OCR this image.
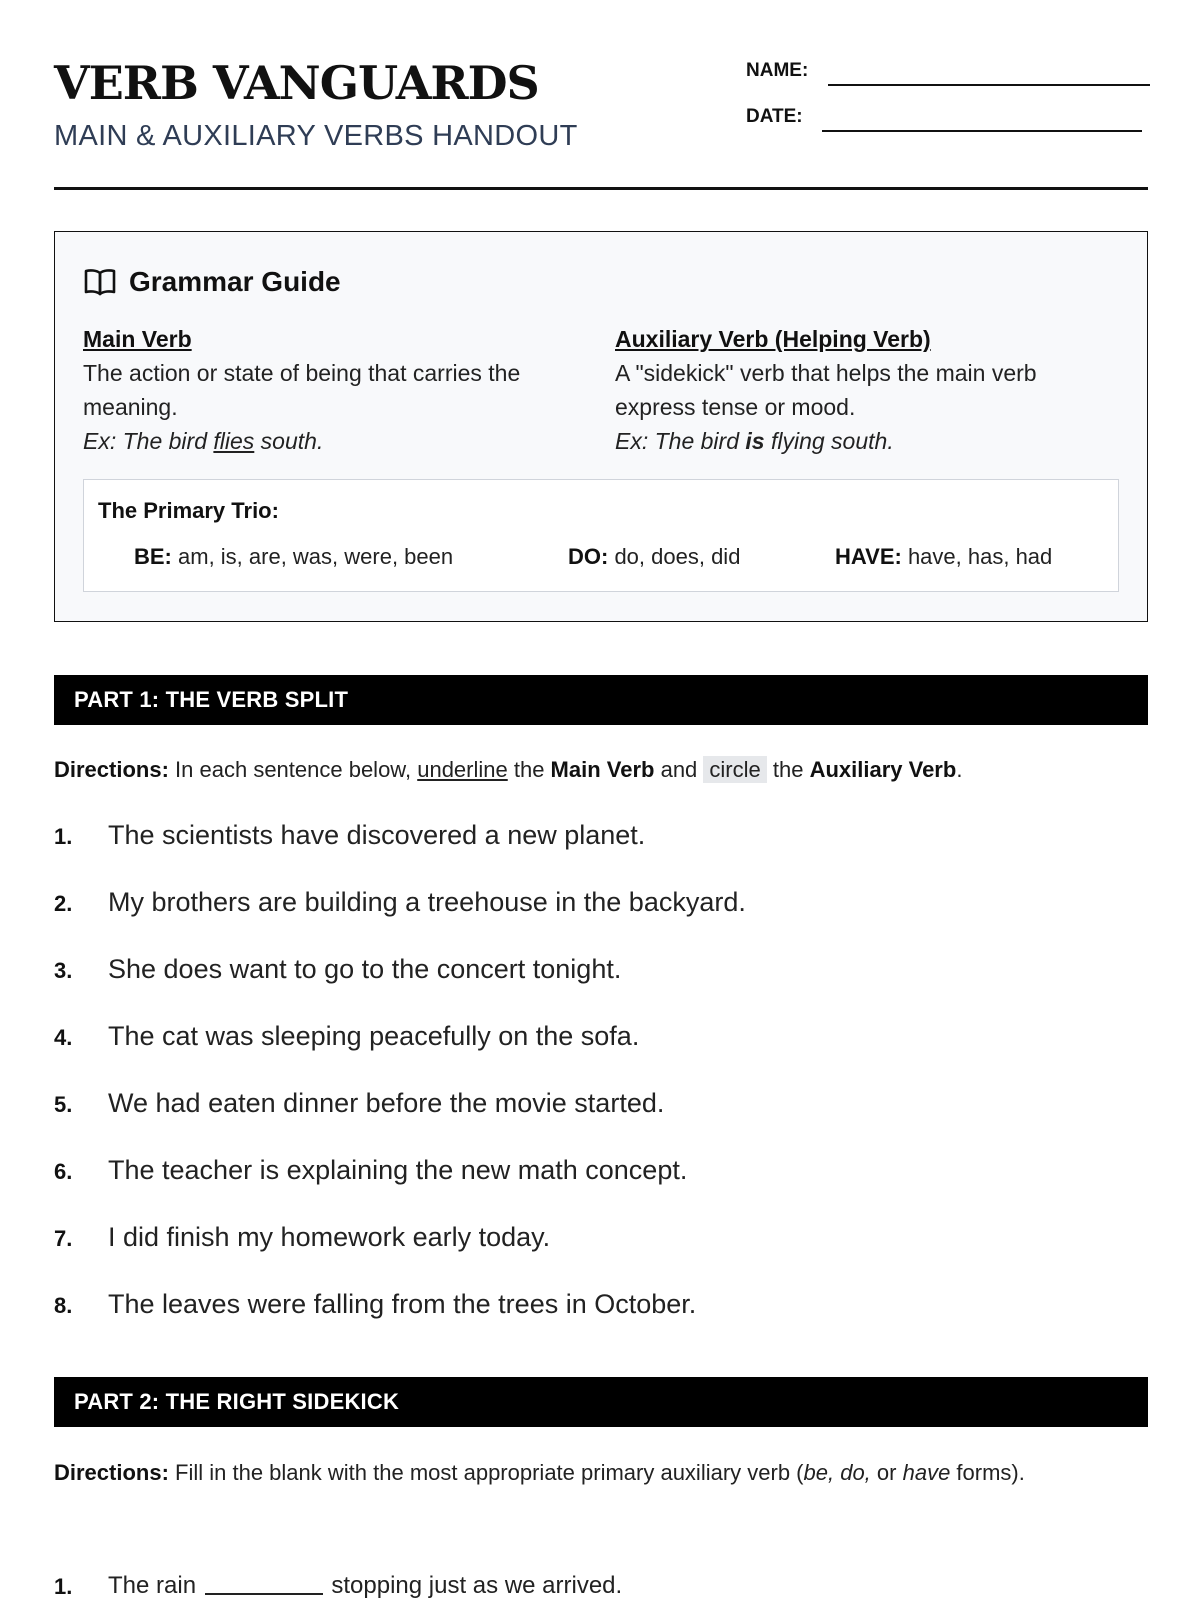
VERB VANGUARDS
MAIN & AUXILIARY VERBS HANDOUT
NAME:
DATE:
Grammar Guide
Main Verb
The action or state of being that carries the meaning.
Ex: The bird flies south.
Auxiliary Verb (Helping Verb)
A "sidekick" verb that helps the main verb express tense or mood.
Ex: The bird is flying south.
The Primary Trio:
BE: am, is, are, was, were, been	DO: do, does, did	HAVE: have, has, had
PART 1: THE VERB SPLIT
Directions: In each sentence below, underline the Main Verb and circle the Auxiliary Verb.
1. The scientists have discovered a new planet.
2. My brothers are building a treehouse in the backyard.
3. She does want to go to the concert tonight.
4. The cat was sleeping peacefully on the sofa.
5. We had eaten dinner before the movie started.
6. The teacher is explaining the new math concept.
7. I did finish my homework early today.
8. The leaves were falling from the trees in October.
PART 2: THE RIGHT SIDEKICK
Directions: Fill in the blank with the most appropriate primary auxiliary verb (be, do, or have forms).
1. The rain	stopping just as we arrived.
